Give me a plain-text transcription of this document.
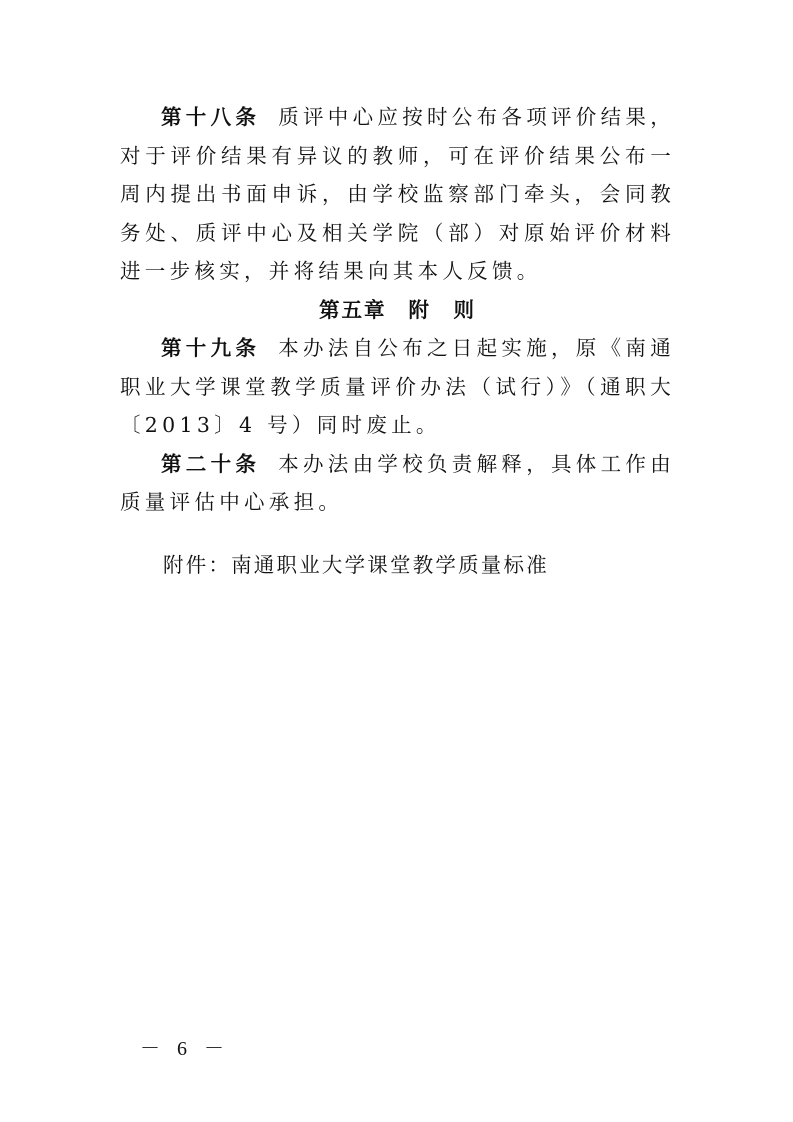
第十八条 质评中心应按时公布各项评价结果，对于评价结果有异议的教师，可在评价结果公布一周内提出书面申诉，由学校监察部门牵头，会同教务处、质评中心及相关学院（部）对原始评价材料进一步核实，并将结果向其本人反馈。

第五章 附　则

第十九条 本办法自公布之日起实施，原《南通职业大学课堂教学质量评价办法（试行）》（通职大〔2013〕4 号）同时废止。

第二十条 本办法由学校负责解释，具体工作由质量评估中心承担。

附件：南通职业大学课堂教学质量标准

－ 6 －
